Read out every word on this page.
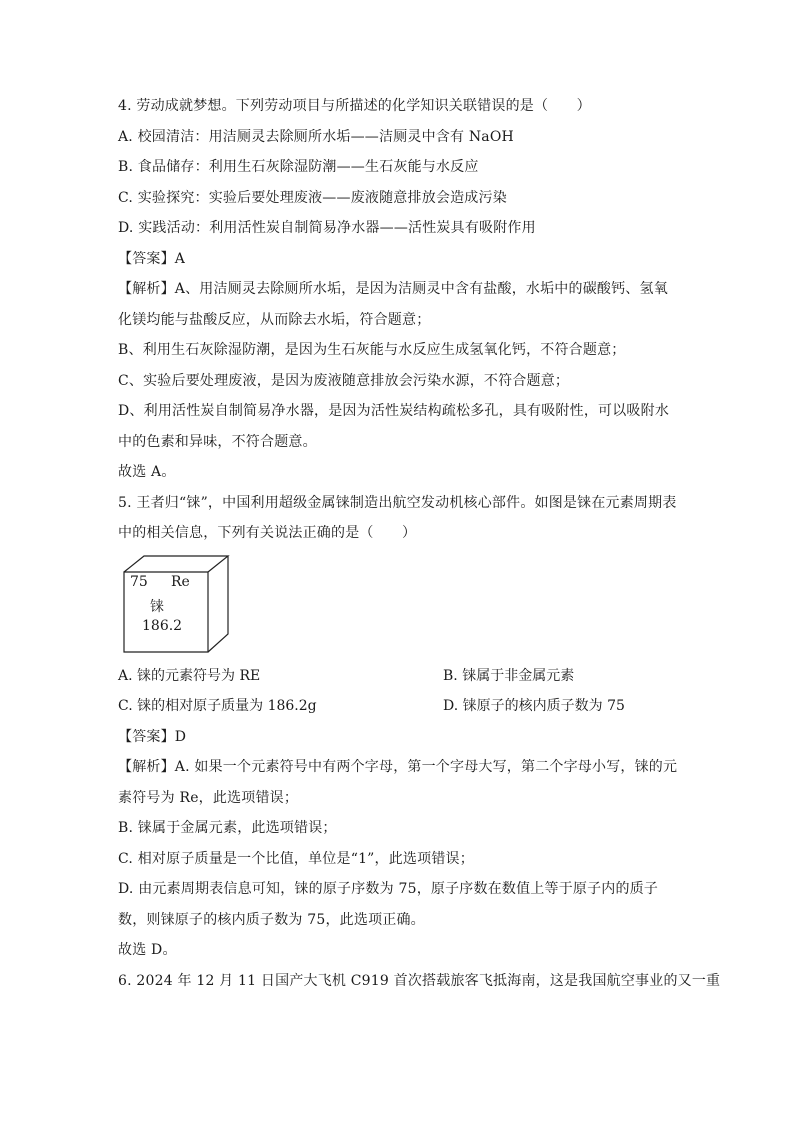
4. 劳动成就梦想。下列劳动项目与所描述的化学知识关联错误的是（　　）
A. 校园清洁：用洁厕灵去除厕所水垢——洁厕灵中含有 NaOH
B. 食品储存：利用生石灰除湿防潮——生石灰能与水反应
C. 实验探究：实验后要处理废液——废液随意排放会造成污染
D. 实践活动：利用活性炭自制简易净水器——活性炭具有吸附作用
【答案】A
【解析】A、用洁厕灵去除厕所水垢，是因为洁厕灵中含有盐酸，水垢中的碳酸钙、氢氧
化镁均能与盐酸反应，从而除去水垢，符合题意；
B、利用生石灰除湿防潮，是因为生石灰能与水反应生成氢氧化钙，不符合题意；
C、实验后要处理废液，是因为废液随意排放会污染水源，不符合题意；
D、利用活性炭自制简易净水器，是因为活性炭结构疏松多孔，具有吸附性，可以吸附水
中的色素和异味，不符合题意。
故选 A。
5. 王者归“铼”，中国利用超级金属铼制造出航空发动机核心部件。如图是铼在元素周期表
中的相关信息，下列有关说法正确的是（　　）
75 Re
铼
186.2
A. 铼的元素符号为 RE	B. 铼属于非金属元素
C. 铼的相对原子质量为 186.2g	D. 铼原子的核内质子数为 75
【答案】D
【解析】A. 如果一个元素符号中有两个字母，第一个字母大写，第二个字母小写，铼的元
素符号为 Re，此选项错误；
B. 铼属于金属元素，此选项错误；
C. 相对原子质量是一个比值，单位是“1”，此选项错误；
D. 由元素周期表信息可知，铼的原子序数为 75，原子序数在数值上等于原子内的质子
数，则铼原子的核内质子数为 75，此选项正确。
故选 D。
6. 2024 年 12 月 11 日国产大飞机 C919 首次搭载旅客飞抵海南，这是我国航空事业的又一重
